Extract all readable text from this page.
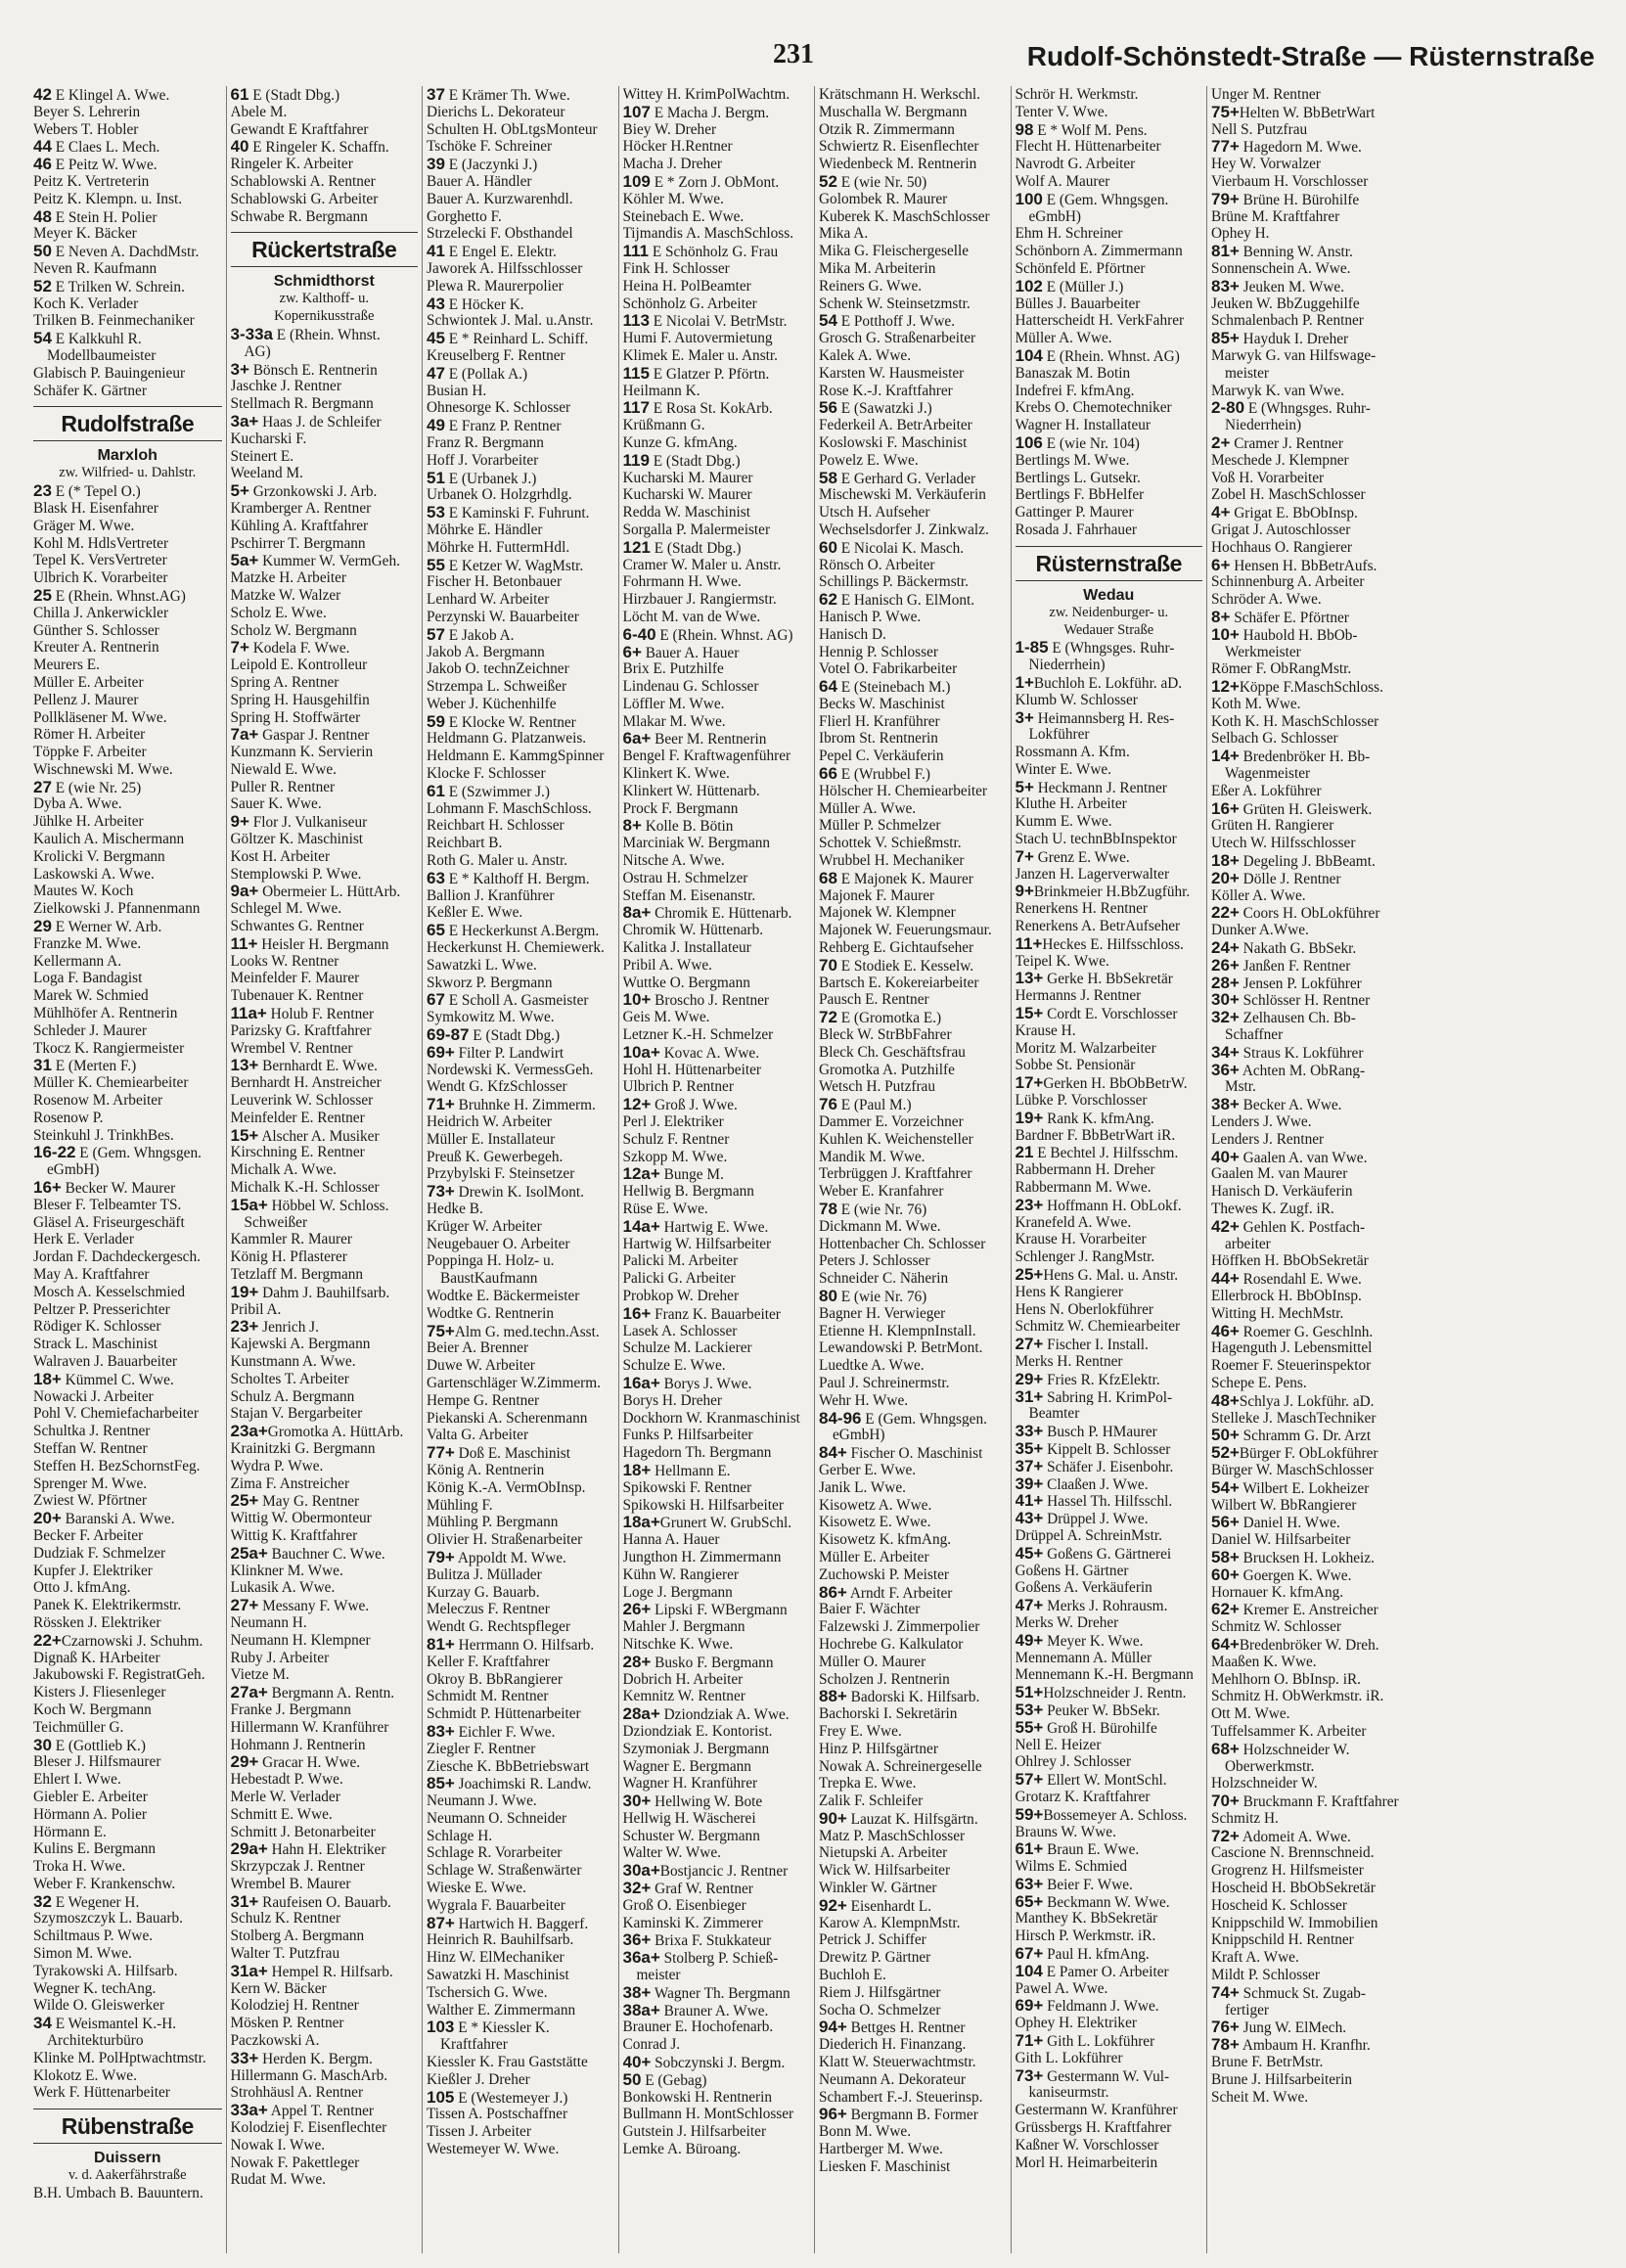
231	Rudolf-Schönstedt-Straße — Rüsternstraße
42 E Klingel A. Wwe.
Beyer S. Lehrerin
Webers T. Hobler
44 E Claes L. Mech.
46 E Peitz W. Wwe.
Peitz K. Vertreterin
Peitz K. Klempn. u. Inst.
48 E Stein H. Polier
Meyer K. Bäcker
50 E Neven A. DachdMstr.
Neven R. Kaufmann
52 E Trilken W. Schrein.
Koch K. Verlader
Trilken B. Feinmechaniker
54 E Kalkkuhl R.
Modellbaumeister
Glabisch P. Bauingenieur
Schäfer K. Gärtner
Rudolfstraße
Marxloh
zw. Wilfried- u. Dahlstr.
23 E (* Tepel O.)
Blask H. Eisenfahrer
Gräger M. Wwe.
Kohl M. HdlsVertreter
Tepel K. VersVertreter
Ulbrich K. Vorarbeiter
25 E (Rhein. Whnst.AG)
Chilla J. Ankerwickler
Günther S. Schlosser
Kreuter A. Rentnerin
Meurers E.
Müller E. Arbeiter
Pellenz J. Maurer
Pollkläsener M. Wwe.
Römer H. Arbeiter
Töppke F. Arbeiter
Wischnewski M. Wwe.
27 E (wie Nr. 25)
Dyba A. Wwe.
Jühlke H. Arbeiter
Kaulich A. Mischermann
Krolicki V. Bergmann
Laskowski A. Wwe.
Mautes W. Koch
Zielkowski J. Pfannenmann
29 E Werner W. Arb.
Franzke M. Wwe.
Kellermann A.
Loga F. Bandagist
Marek W. Schmied
Mühlhöfer A. Rentnerin
Schleder J. Maurer
Tkocz K. Rangiermeister
31 E (Merten F.)
Müller K. Chemiearbeiter
Rosenow M. Arbeiter
Rosenow P.
Steinkuhl J. TrinkhBes.
16-22 E (Gem. Whngsgen.
eGmbH)
16+ Becker W. Maurer
Bleser F. Telbeamter TS.
Gläsel A. Friseurgeschäft
Herk E. Verlader
Jordan F. Dachdeckergesch.
May A. Kraftfahrer
Mosch A. Kesselschmied
Peltzer P. Presserichter
Rödiger K. Schlosser
Strack L. Maschinist
Walraven J. Bauarbeiter
18+ Kümmel C. Wwe.
Nowacki J. Arbeiter
Pohl V. Chemiefacharbeiter
Schultka J. Rentner
Steffan W. Rentner
Steffen H. BezSchornstFeg.
Sprenger M. Wwe.
Zwiest W. Pförtner
20+ Baranski A. Wwe.
Becker F. Arbeiter
Dudziak F. Schmelzer
Kupfer J. Elektriker
Otto J. kfmAng.
Panek K. Elektrikermstr.
Rössken J. Elektriker
22+Czarnowski J. Schuhm.
Dignaß K. HArbeiter
Jakubowski F. RegistratGeh.
Kisters J. Fliesenleger
Koch W. Bergmann
Teichmüller G.
30 E (Gottlieb K.)
Bleser J. Hilfsmaurer
Ehlert I. Wwe.
Giebler E. Arbeiter
Hörmann A. Polier
Hörmann E.
Kulins E. Bergmann
Troka H. Wwe.
Weber F. Krankenschw.
32 E Wegener H.
Szymoszczyk L. Bauarb.
Schiltmaus P. Wwe.
Simon M. Wwe.
Tyrakowski A. Hilfsarb.
Wegner K. techAng.
Wilde O. Gleiswerker
34 E Weismantel K.-H.
Architekturbüro
Klinke M. PolHptwachtmstr.
Klokotz E. Wwe.
Werk F. Hüttenarbeiter
Rübenstraße
Duissern
v. d. Aakerfährstraße
B.H. Umbach B. Bauuntern.
61 E (Stadt Dbg.)
Abele M.
Gewandt E Kraftfahrer
40 E Ringeler K. Schaffn.
Ringeler K. Arbeiter
Schablowski A. Rentner
Schablowski G. Arbeiter
Schwabe R. Bergmann
Rückertstraße
Schmidthorst
zw. Kalthoff- u.
Kopernikusstraße
3-33a E (Rhein. Whnst.
AG)
3+ Bönsch E. Rentnerin
Jaschke J. Rentner
Stellmach R. Bergmann
3a+ Haas J. de Schleifer
Kucharski F.
Steinert E.
Weeland M.
5+ Grzonkowski J. Arb.
Kramberger A. Rentner
Kühling A. Kraftfahrer
Pschirrer T. Bergmann
5a+ Kummer W. VermGeh.
Matzke H. Arbeiter
Matzke W. Walzer
Scholz E. Wwe.
Scholz W. Bergmann
7+ Kodela F. Wwe.
Leipold E. Kontrolleur
Spring A. Rentner
Spring H. Hausgehilfin
Spring H. Stoffwärter
7a+ Gaspar J. Rentner
Kunzmann K. Servierin
Niewald E. Wwe.
Puller R. Rentner
Sauer K. Wwe.
9+ Flor J. Vulkaniseur
Göltzer K. Maschinist
Kost H. Arbeiter
Stemplowski P. Wwe.
9a+ Obermeier L. HüttArb.
Schlegel M. Wwe.
Schwantes G. Rentner
11+ Heisler H. Bergmann
Looks W. Rentner
Meinfelder F. Maurer
Tubenauer K. Rentner
11a+ Holub F. Rentner
Parizsky G. Kraftfahrer
Wrembel V. Rentner
13+ Bernhardt E. Wwe.
Bernhardt H. Anstreicher
Leuverink W. Schlosser
Meinfelder E. Rentner
15+ Alscher A. Musiker
Kirschning E. Rentner
Michalk A. Wwe.
Michalk K.-H. Schlosser
15a+ Höbbel W. Schloss.
Schweißer
Kammler R. Maurer
König H. Pflasterer
Tetzlaff M. Bergmann
19+ Dahm J. Bauhilfsarb.
Pribil A.
23+ Jenrich J.
Kajewski A. Bergmann
Kunstmann A. Wwe.
Scholtes T. Arbeiter
Schulz A. Bergmann
Stajan V. Bergarbeiter
23a+Gromotka A. HüttArb.
Krainitzki G. Bergmann
Wydra P. Wwe.
Zima F. Anstreicher
25+ May G. Rentner
Wittig W. Obermonteur
Wittig K. Kraftfahrer
25a+ Bauchner C. Wwe.
Klinkner M. Wwe.
Lukasik A. Wwe.
27+ Messany F. Wwe.
Neumann H.
Neumann H. Klempner
Ruby J. Arbeiter
Vietze M.
27a+ Bergmann A. Rentn.
Franke J. Bergmann
Hillermann W. Kranführer
Hohmann J. Rentnerin
29+ Gracar H. Wwe.
Hebestadt P. Wwe.
Merle W. Verlader
Schmitt E. Wwe.
Schmitt J. Betonarbeiter
29a+ Hahn H. Elektriker
Skrzypczak J. Rentner
Wrembel B. Maurer
31+ Raufeisen O. Bauarb.
Schulz K. Rentner
Stolberg A. Bergmann
Walter T. Putzfrau
31a+ Hempel R. Hilfsarb.
Kern W. Bäcker
Kolodziej H. Rentner
Mösken P. Rentner
Paczkowski A.
33+ Herden K. Bergm.
Hillermann G. MaschArb.
Strohhäusl A. Rentner
33a+ Appel T. Rentner
Kolodziej F. Eisenflechter
Nowak I. Wwe.
Nowak F. Pakettleger
Rudat M. Wwe.
37 E Krämer Th. Wwe.
Dierichs L. Dekorateur
Schulten H. ObLtgsMonteur
Tschöke F. Schreiner
39 E (Jaczynki J.)
Bauer A. Händler
Bauer A. Kurzwarenhdl.
Gorghetto F.
Strzelecki F. Obsthandel
41 E Engel E. Elektr.
Jaworek A. Hilfsschlosser
Plewa R. Maurerpolier
43 E Höcker K.
Schwiontek J. Mal. u.Anstr.
45 E * Reinhard L. Schiff.
Kreuselberg F. Rentner
47 E (Pollak A.)
Busian H.
Ohnesorge K. Schlosser
49 E Franz P. Rentner
Franz R. Bergmann
Hoff J. Vorarbeiter
51 E (Urbanek J.)
Urbanek O. Holzgrhdlg.
53 E Kaminski F. Fuhrunt.
Möhrke E. Händler
Möhrke H. FuttermHdl.
55 E Ketzer W. WagMstr.
Fischer H. Betonbauer
Lenhard W. Arbeiter
Perzynski W. Bauarbeiter
57 E Jakob A.
Jakob A. Bergmann
Jakob O. technZeichner
Strzempa L. Schweißer
Weber J. Küchenhilfe
59 E Klocke W. Rentner
Heldmann G. Platzanweis.
Heldmann E. KammgSpinner
Klocke F. Schlosser
61 E (Szwimmer J.)
Lohmann F. MaschSchloss.
Reichbart H. Schlosser
Reichbart B.
Roth G. Maler u. Anstr.
63 E * Kalthoff H. Bergm.
Ballion J. Kranführer
Keßler E. Wwe.
65 E Heckerkunst A.Bergm.
Heckerkunst H. Chemiewerk.
Sawatzki L. Wwe.
Skworz P. Bergmann
67 E Scholl A. Gasmeister
Symkowitz M. Wwe.
69-87 E (Stadt Dbg.)
69+ Filter P. Landwirt
Nordewski K. VermessGeh.
Wendt G. KfzSchlosser
71+ Bruhnke H. Zimmerm.
Heidrich W. Arbeiter
Müller E. Installateur
Preuß K. Gewerbegeh.
Przybylski F. Steinsetzer
73+ Drewin K. IsolMont.
Hedke B.
Krüger W. Arbeiter
Neugebauer O. Arbeiter
Poppinga H. Holz- u.
BaustKaufmann
Wodtke E. Bäckermeister
Wodtke G. Rentnerin
75+Alm G. med.techn.Asst.
Beier A. Brenner
Duwe W. Arbeiter
Gartenschläger W.Zimmerm.
Hempe G. Rentner
Piekanski A. Scherenmann
Valta G. Arbeiter
77+ Doß E. Maschinist
König A. Rentnerin
König K.-A. VermObInsp.
Mühling F.
Mühling P. Bergmann
Olivier H. Straßenarbeiter
79+ Appoldt M. Wwe.
Bulitza J. Müllader
Kurzay G. Bauarb.
Meleczus F. Rentner
Wendt G. Rechtspfleger
81+ Herrmann O. Hilfsarb.
Keller F. Kraftfahrer
Okroy B. BbRangierer
Schmidt M. Rentner
Schmidt P. Hüttenarbeiter
83+ Eichler F. Wwe.
Ziegler F. Rentner
Ziesche K. BbBetriebswart
85+ Joachimski R. Landw.
Neumann J. Wwe.
Neumann O. Schneider
Schlage H.
Schlage R. Vorarbeiter
Schlage W. Straßenwärter
Wieske E. Wwe.
Wygrala F. Bauarbeiter
87+ Hartwich H. Baggerf.
Heinrich R. Bauhilfsarb.
Hinz W. ElMechaniker
Sawatzki H. Maschinist
Tschersich G. Wwe.
Walther E. Zimmermann
103 E * Kiessler K.
Kraftfahrer
Kiessler K. Frau Gaststätte
Kießler J. Dreher
105 E (Westemeyer J.)
Tissen A. Postschaffner
Tissen J. Arbeiter
Westemeyer W. Wwe.
Wittey H. KrimPolWachtm.
107 E Macha J. Bergm.
Biey W. Dreher
Höcker H.Rentner
Macha J. Dreher
109 E * Zorn J. ObMont.
Köhler M. Wwe.
Steinebach E. Wwe.
Tijmandis A. MaschSchloss.
111 E Schönholz G. Frau
Fink H. Schlosser
Heina H. PolBeamter
Schönholz G. Arbeiter
113 E Nicolai V. BetrMstr.
Humi F. Autovermietung
Klimek E. Maler u. Anstr.
115 E Glatzer P. Pförtn.
Heilmann K.
117 E Rosa St. KokArb.
Krüßmann G.
Kunze G. kfmAng.
119 E (Stadt Dbg.)
Kucharski M. Maurer
Kucharski W. Maurer
Redda W. Maschinist
Sorgalla P. Malermeister
121 E (Stadt Dbg.)
Cramer W. Maler u. Anstr.
Fohrmann H. Wwe.
Hirzbauer J. Rangiermstr.
Löcht M. van de Wwe.
6-40 E (Rhein. Whnst. AG)
6+ Bauer A. Hauer
Brix E. Putzhilfe
Lindenau G. Schlosser
Löffler M. Wwe.
Mlakar M. Wwe.
6a+ Beer M. Rentnerin
Bengel F. Kraftwagenführer
Klinkert K. Wwe.
Klinkert W. Hüttenarb.
Prock F. Bergmann
8+ Kolle B. Bötin
Marciniak W. Bergmann
Nitsche A. Wwe.
Ostrau H. Schmelzer
Steffan M. Eisenanstr.
8a+ Chromik E. Hüttenarb.
Chromik W. Hüttenarb.
Kalitka J. Installateur
Pribil A. Wwe.
Wuttke O. Bergmann
10+ Broscho J. Rentner
Geis M. Wwe.
Letzner K.-H. Schmelzer
10a+ Kovac A. Wwe.
Hohl H. Hüttenarbeiter
Ulbrich P. Rentner
12+ Groß J. Wwe.
Perl J. Elektriker
Schulz F. Rentner
Szkopp M. Wwe.
12a+ Bunge M.
Hellwig B. Bergmann
Rüse E. Wwe.
14a+ Hartwig E. Wwe.
Hartwig W. Hilfsarbeiter
Palicki M. Arbeiter
Palicki G. Arbeiter
Probkop W. Dreher
16+ Franz K. Bauarbeiter
Lasek A. Schlosser
Schulze M. Lackierer
Schulze E. Wwe.
16a+ Borys J. Wwe.
Borys H. Dreher
Dockhorn W. Kranmaschinist
Funks P. Hilfsarbeiter
Hagedorn Th. Bergmann
18+ Hellmann E.
Spikowski F. Rentner
Spikowski H. Hilfsarbeiter
18a+Grunert W. GrubSchl.
Hanna A. Hauer
Jungthon H. Zimmermann
Kühn W. Rangierer
Loge J. Bergmann
26+ Lipski F. WBergmann
Mahler J. Bergmann
Nitschke K. Wwe.
28+ Busko F. Bergmann
Dobrich H. Arbeiter
Kemnitz W. Rentner
28a+ Dziondziak A. Wwe.
Dziondziak E. Kontorist.
Szymoniak J. Bergmann
Wagner E. Bergmann
Wagner H. Kranführer
30+ Hellwing W. Bote
Hellwig H. Wäscherei
Schuster W. Bergmann
Walter W. Wwe.
30a+Bostjancic J. Rentner
32+ Graf W. Rentner
Groß O. Eisenbieger
Kaminski K. Zimmerer
36+ Brixa F. Stukkateur
36a+ Stolberg P. Schieß-
meister
38+ Wagner Th. Bergmann
38a+ Brauner A. Wwe.
Brauner E. Hochofenarb.
Conrad J.
40+ Sobczynski J. Bergm.
50 E (Gebag)
Bonkowski H. Rentnerin
Bullmann H. MontSchlosser
Gutstein J. Hilfsarbeiter
Lemke A. Büroang.
Krätschmann H. Werkschl.
Muschalla W. Bergmann
Otzik R. Zimmermann
Schwiertz R. Eisenflechter
Wiedenbeck M. Rentnerin
52 E (wie Nr. 50)
Golombek R. Maurer
Kuberek K. MaschSchlosser
Mika A.
Mika G. Fleischergeselle
Mika M. Arbeiterin
Reiners G. Wwe.
Schenk W. Steinsetzmstr.
54 E Potthoff J. Wwe.
Grosch G. Straßenarbeiter
Kalek A. Wwe.
Karsten W. Hausmeister
Rose K.-J. Kraftfahrer
56 E (Sawatzki J.)
Federkeil A. BetrArbeiter
Koslowski F. Maschinist
Powelz E. Wwe.
58 E Gerhard G. Verlader
Mischewski M. Verkäuferin
Utsch H. Aufseher
Wechselsdorfer J. Zinkwalz.
60 E Nicolai K. Masch.
Rönsch O. Arbeiter
Schillings P. Bäckermstr.
62 E Hanisch G. ElMont.
Hanisch P. Wwe.
Hanisch D.
Hennig P. Schlosser
Votel O. Fabrikarbeiter
64 E (Steinebach M.)
Becks W. Maschinist
Flierl H. Kranführer
Ibrom St. Rentnerin
Pepel C. Verkäuferin
66 E (Wrubbel F.)
Hölscher H. Chemiearbeiter
Müller A. Wwe.
Müller P. Schmelzer
Schottek V. Schießmstr.
Wrubbel H. Mechaniker
68 E Majonek K. Maurer
Majonek F. Maurer
Majonek W. Klempner
Majonek W. Feuerungsmaur.
Rehberg E. Gichtaufseher
70 E Stodiek E. Kesselw.
Bartsch E. Kokereiarbeiter
Pausch E. Rentner
72 E (Gromotka E.)
Bleck W. StrBbFahrer
Bleck Ch. Geschäftsfrau
Gromotka A. Putzhilfe
Wetsch H. Putzfrau
76 E (Paul M.)
Dammer E. Vorzeichner
Kuhlen K. Weichensteller
Mandik M. Wwe.
Terbrüggen J. Kraftfahrer
Weber E. Kranfahrer
78 E (wie Nr. 76)
Dickmann M. Wwe.
Hottenbacher Ch. Schlosser
Peters J. Schlosser
Schneider C. Näherin
80 E (wie Nr. 76)
Bagner H. Verwieger
Etienne H. KlempnInstall.
Lewandowski P. BetrMont.
Luedtke A. Wwe.
Paul J. Schreinermstr.
Wehr H. Wwe.
84-96 E (Gem. Whngsgen.
eGmbH)
84+ Fischer O. Maschinist
Gerber E. Wwe.
Janik L. Wwe.
Kisowetz A. Wwe.
Kisowetz E. Wwe.
Kisowetz K. kfmAng.
Müller E. Arbeiter
Zuchowski P. Meister
86+ Arndt F. Arbeiter
Baier F. Wächter
Falzewski J. Zimmerpolier
Hochrebe G. Kalkulator
Müller O. Maurer
Scholzen J. Rentnerin
88+ Badorski K. Hilfsarb.
Bachorski I. Sekretärin
Frey E. Wwe.
Hinz P. Hilfsgärtner
Nowak A. Schreinergeselle
Trepka E. Wwe.
Zalik F. Schleifer
90+ Lauzat K. Hilfsgärtn.
Matz P. MaschSchlosser
Nietupski A. Arbeiter
Wick W. Hilfsarbeiter
Winkler W. Gärtner
92+ Eisenhardt L.
Karow A. KlempnMstr.
Petrick J. Schiffer
Drewitz P. Gärtner
Buchloh E.
Riem J. Hilfsgärtner
Socha O. Schmelzer
94+ Bettges H. Rentner
Diederich H. Finanzang.
Klatt W. Steuerwachtmstr.
Neumann A. Dekorateur
Schambert F.-J. Steuerinsp.
96+ Bergmann B. Former
Bonn M. Wwe.
Hartberger M. Wwe.
Liesken F. Maschinist
Schrör H. Werkmstr.
Tenter V. Wwe.
98 E * Wolf M. Pens.
Flecht H. Hüttenarbeiter
Navrodt G. Arbeiter
Wolf A. Maurer
100 E (Gem. Whngsgen.
eGmbH)
Ehm H. Schreiner
Schönborn A. Zimmermann
Schönfeld E. Pförtner
102 E (Müller J.)
Bülles J. Bauarbeiter
Hatterscheidt H. VerkFahrer
Müller A. Wwe.
104 E (Rhein. Whnst. AG)
Banaszak M. Botin
Indefrei F. kfmAng.
Krebs O. Chemotechniker
Wagner H. Installateur
106 E (wie Nr. 104)
Bertlings M. Wwe.
Bertlings L. Gutsekr.
Bertlings F. BbHelfer
Gattinger P. Maurer
Rosada J. Fahrhauer
Rüsternstraße
Wedau
zw. Neidenburger- u.
Wedauer Straße
1-85 E (Whngsges. Ruhr-
Niederrhein)
1+Buchloh E. Lokführ. aD.
Klumb W. Schlosser
3+ Heimannsberg H. Res-
Lokführer
Rossmann A. Kfm.
Winter E. Wwe.
5+ Heckmann J. Rentner
Kluthe H. Arbeiter
Kumm E. Wwe.
Stach U. technBbInspektor
7+ Grenz E. Wwe.
Janzen H. Lagerverwalter
9+Brinkmeier H.BbZugführ.
Renerkens H. Rentner
Renerkens A. BetrAufseher
11+Heckes E. Hilfsschloss.
Teipel K. Wwe.
13+ Gerke H. BbSekretär
Hermanns J. Rentner
15+ Cordt E. Vorschlosser
Krause H.
Moritz M. Walzarbeiter
Sobbe St. Pensionär
17+Gerken H. BbObBetrW.
Lübke P. Vorschlosser
19+ Rank K. kfmAng.
Bardner F. BbBetrWart iR.
21 E Bechtel J. Hilfsschm.
Rabbermann H. Dreher
Rabbermann M. Wwe.
23+ Hoffmann H. ObLokf.
Kranefeld A. Wwe.
Krause H. Vorarbeiter
Schlenger J. RangMstr.
25+Hens G. Mal. u. Anstr.
Hens K Rangierer
Hens N. Oberlokführer
Schmitz W. Chemiearbeiter
27+ Fischer I. Install.
Merks H. Rentner
29+ Fries R. KfzElektr.
31+ Sabring H. KrimPol-
Beamter
33+ Busch P. HMaurer
35+ Kippelt B. Schlosser
37+ Schäfer J. Eisenbohr.
39+ Claaßen J. Wwe.
41+ Hassel Th. Hilfsschl.
43+ Drüppel J. Wwe.
Drüppel A. SchreinMstr.
45+ Goßens G. Gärtnerei
Goßens H. Gärtner
Goßens A. Verkäuferin
47+ Merks J. Rohrausm.
Merks W. Dreher
49+ Meyer K. Wwe.
Mennemann A. Müller
Mennemann K.-H. Bergmann
51+Holzschneider J. Rentn.
53+ Peuker W. BbSekr.
55+ Groß H. Bürohilfe
Nell E. Heizer
Ohlrey J. Schlosser
57+ Ellert W. MontSchl.
Grotarz K. Kraftfahrer
59+Bossemeyer A. Schloss.
Brauns W. Wwe.
61+ Braun E. Wwe.
Wilms E. Schmied
63+ Beier F. Wwe.
65+ Beckmann W. Wwe.
Manthey K. BbSekretär
Hirsch P. Werkmstr. iR.
67+ Paul H. kfmAng.
104 E Pamer O. Arbeiter
Pawel A. Wwe.
69+ Feldmann J. Wwe.
Ophey H. Elektriker
71+ Gith L. Lokführer
Gith L. Lokführer
73+ Gestermann W. Vul-
kaniseurmstr.
Gestermann W. Kranführer
Grüssbergs H. Kraftfahrer
Kaßner W. Vorschlosser
Morl H. Heimarbeiterin
Unger M. Rentner
75+Helten W. BbBetrWart
Nell S. Putzfrau
77+ Hagedorn M. Wwe.
Hey W. Vorwalzer
Vierbaum H. Vorschlosser
79+ Brüne H. Bürohilfe
Brüne M. Kraftfahrer
Ophey H.
81+ Benning W. Anstr.
Sonnenschein A. Wwe.
83+ Jeuken M. Wwe.
Jeuken W. BbZuggehilfe
Schmalenbach P. Rentner
85+ Hayduk I. Dreher
Marwyk G. van Hilfswage-
meister
Marwyk K. van Wwe.
2-80 E (Whngsges. Ruhr-
Niederrhein)
2+ Cramer J. Rentner
Meschede J. Klempner
Voß H. Vorarbeiter
Zobel H. MaschSchlosser
4+ Grigat E. BbObInsp.
Grigat J. Autoschlosser
Hochhaus O. Rangierer
6+ Hensen H. BbBetrAufs.
Schinnenburg A. Arbeiter
Schröder A. Wwe.
8+ Schäfer E. Pförtner
10+ Haubold H. BbOb-
Werkmeister
Römer F. ObRangMstr.
12+Köppe F.MaschSchloss.
Koth M. Wwe.
Koth K. H. MaschSchlosser
Selbach G. Schlosser
14+ Bredenbröker H. Bb-
Wagenmeister
Eßer A. Lokführer
16+ Grüten H. Gleiswerk.
Grüten H. Rangierer
Utech W. Hilfsschlosser
18+ Degeling J. BbBeamt.
20+ Dölle J. Rentner
Köller A. Wwe.
22+ Coors H. ObLokführer
Dunker A.Wwe.
24+ Nakath G. BbSekr.
26+ Janßen F. Rentner
28+ Jensen P. Lokführer
30+ Schlösser H. Rentner
32+ Zelhausen Ch. Bb-
Schaffner
34+ Straus K. Lokführer
36+ Achten M. ObRang-
Mstr.
38+ Becker A. Wwe.
Lenders J. Wwe.
Lenders J. Rentner
40+ Gaalen A. van Wwe.
Gaalen M. van Maurer
Hanisch D. Verkäuferin
Thewes K. Zugf. iR.
42+ Gehlen K. Postfach-
arbeiter
Höffken H. BbObSekretär
44+ Rosendahl E. Wwe.
Ellerbrock H. BbObInsp.
Witting H. MechMstr.
46+ Roemer G. Geschlnh.
Hagenguth J. Lebensmittel
Roemer F. Steuerinspektor
Schepe E. Pens.
48+Schlya J. Lokführ. aD.
Stelleke J. MaschTechniker
50+ Schramm G. Dr. Arzt
52+Bürger F. ObLokführer
Bürger W. MaschSchlosser
54+ Wilbert E. Lokheizer
Wilbert W. BbRangierer
56+ Daniel H. Wwe.
Daniel W. Hilfsarbeiter
58+ Brucksen H. Lokheiz.
60+ Goergen K. Wwe.
Hornauer K. kfmAng.
62+ Kremer E. Anstreicher
Schmitz W. Schlosser
64+Bredenbröker W. Dreh.
Maaßen K. Wwe.
Mehlhorn O. BbInsp. iR.
Schmitz H. ObWerkmstr. iR.
Ott M. Wwe.
Tuffelsammer K. Arbeiter
68+ Holzschneider W.
Oberwerkmstr.
Holzschneider W.
70+ Bruckmann F. Kraftfahrer
Schmitz H.
72+ Adomeit A. Wwe.
Cascione N. Brennschneid.
Grogrenz H. Hilfsmeister
Hoscheid H. BbObSekretär
Hoscheid K. Schlosser
Knippschild W. Immobilien
Knippschild H. Rentner
Kraft A. Wwe.
Mildt P. Schlosser
74+ Schmuck St. Zugab-
fertiger
76+ Jung W. ElMech.
78+ Ambaum H. Kranfhr.
Brune F. BetrMstr.
Brune J. Hilfsarbeiterin
Scheit M. Wwe.
